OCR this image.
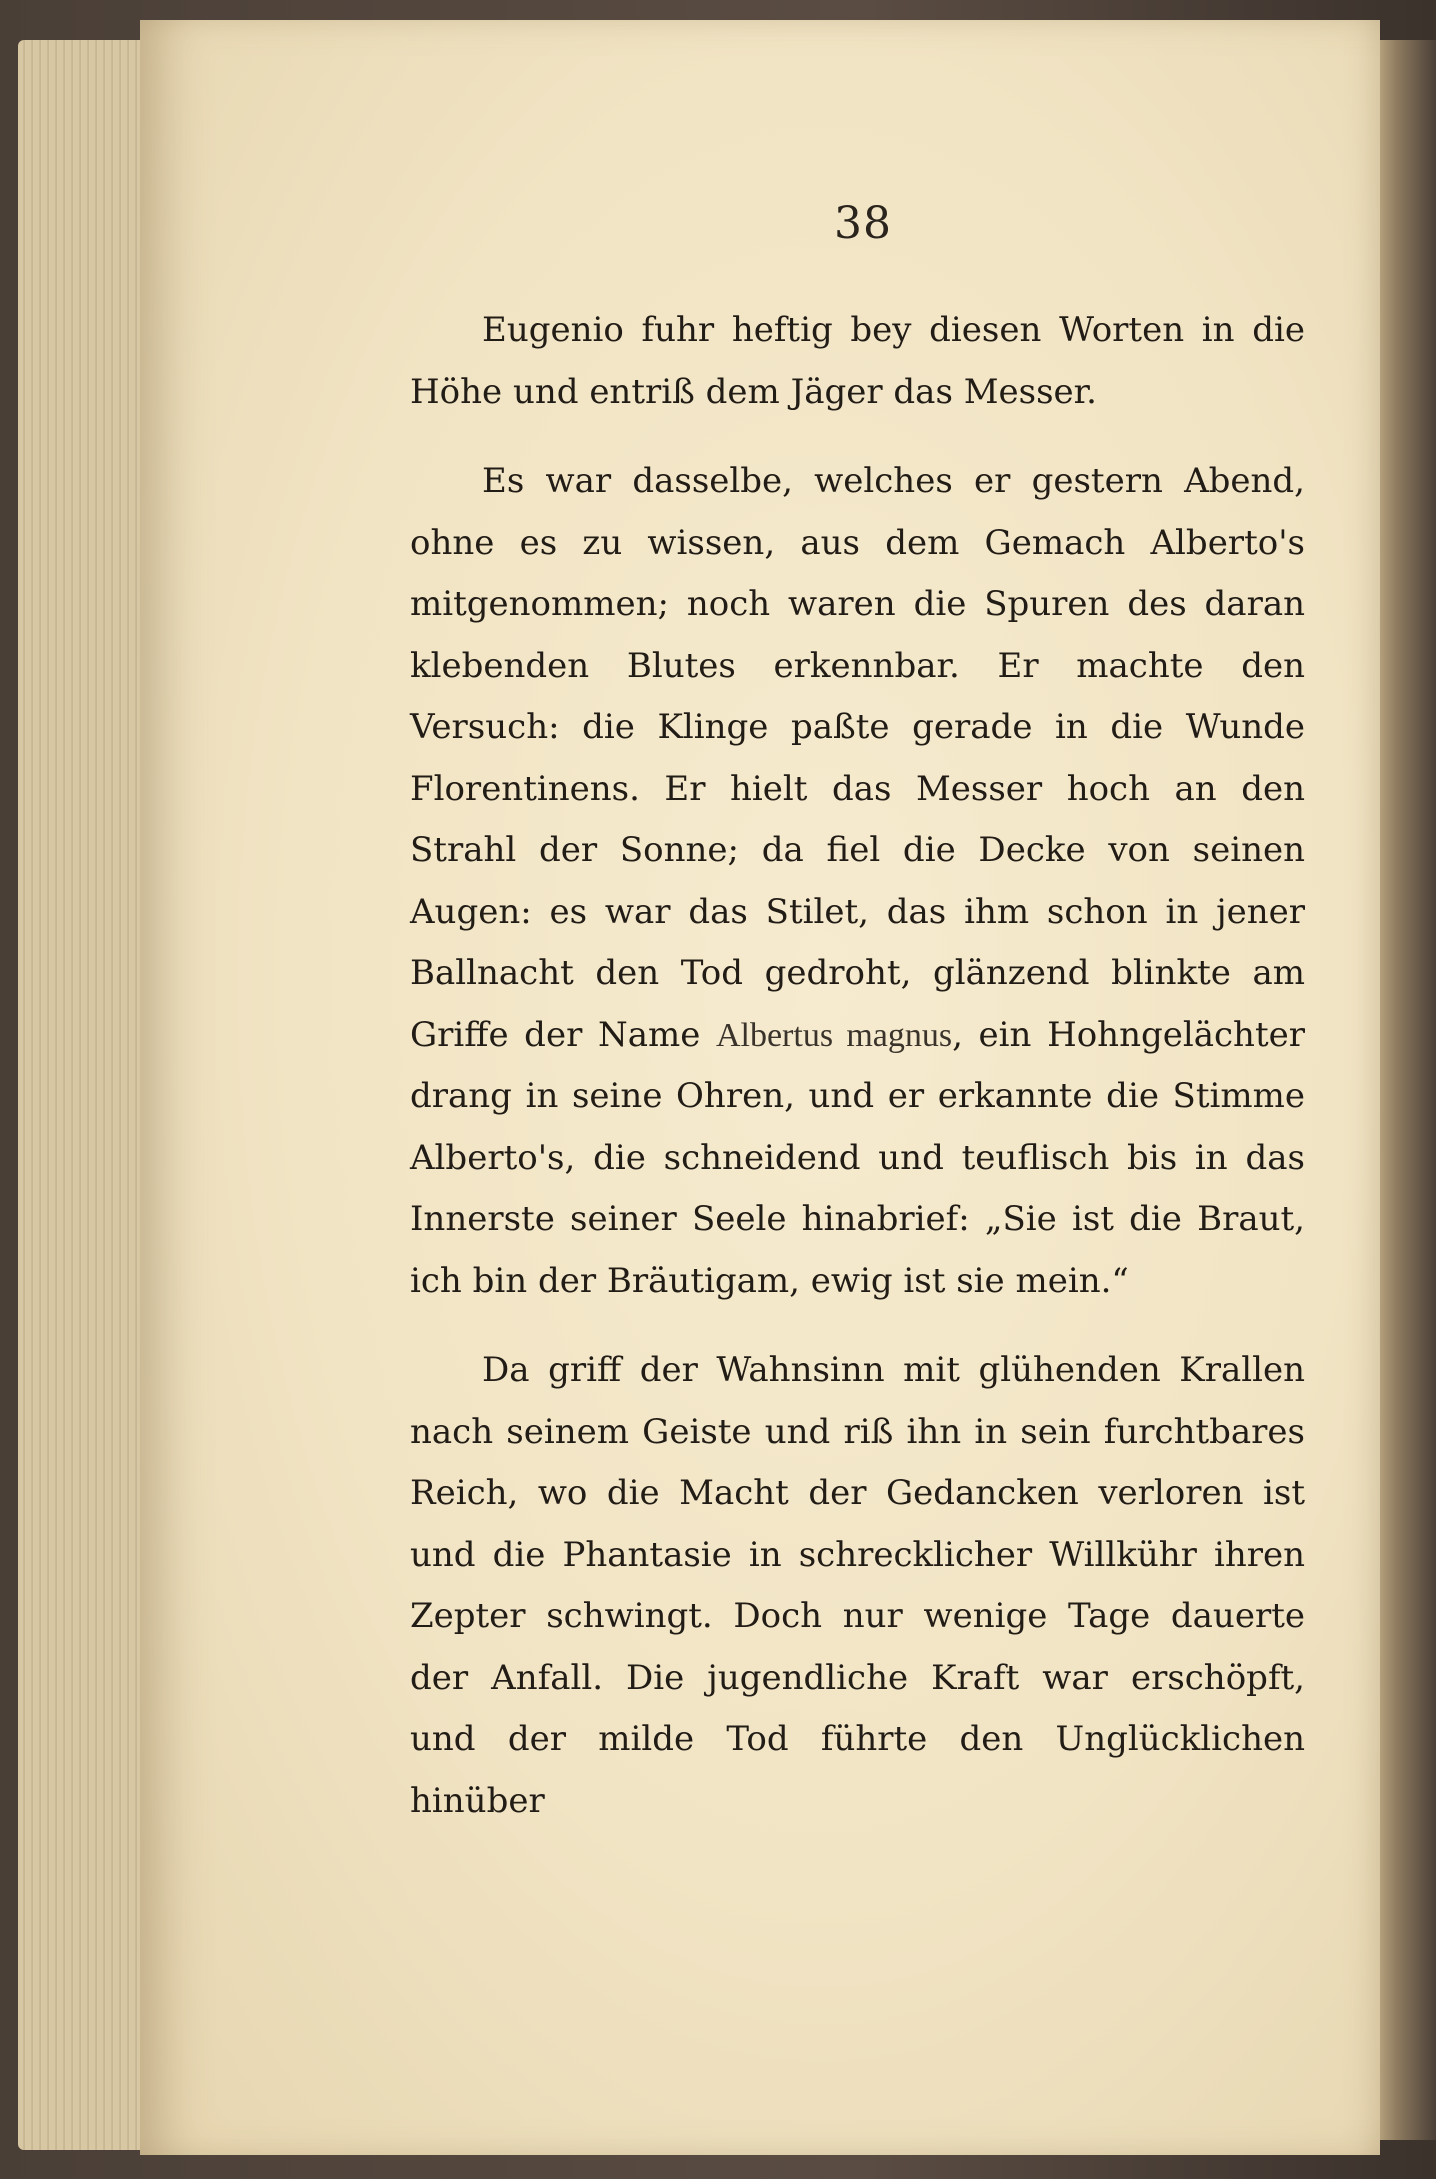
38

Eugenio fuhr heftig bey diesen Worten in die Höhe und entriß dem Jäger das Messer.

Es war dasselbe, welches er gestern Abend, ohne es zu wissen, aus dem Gemach Alberto's mitgenommen; noch waren die Spuren des daran klebenden Blutes erkennbar. Er machte den Versuch: die Klinge paßte gerade in die Wunde Florentinens. Er hielt das Messer hoch an den Strahl der Sonne; da fiel die Decke von seinen Augen: es war das Stilet, das ihm schon in jener Ballnacht den Tod gedroht, glänzend blinkte am Griffe der Name Albertus magnus, ein Hohngelächter drang in seine Ohren, und er erkannte die Stimme Alberto's, die schneidend und teuflisch bis in das Innerste seiner Seele hinabrief: „Sie ist die Braut, ich bin der Bräutigam, ewig ist sie mein.“

Da griff der Wahnsinn mit glühenden Krallen nach seinem Geiste und riß ihn in sein furchtbares Reich, wo die Macht der Gedancken verloren ist und die Phantasie in schrecklicher Willkühr ihren Zepter schwingt. Doch nur wenige Tage dauerte der Anfall. Die jugendliche Kraft war erschöpft, und der milde Tod führte den Unglücklichen hinüber
